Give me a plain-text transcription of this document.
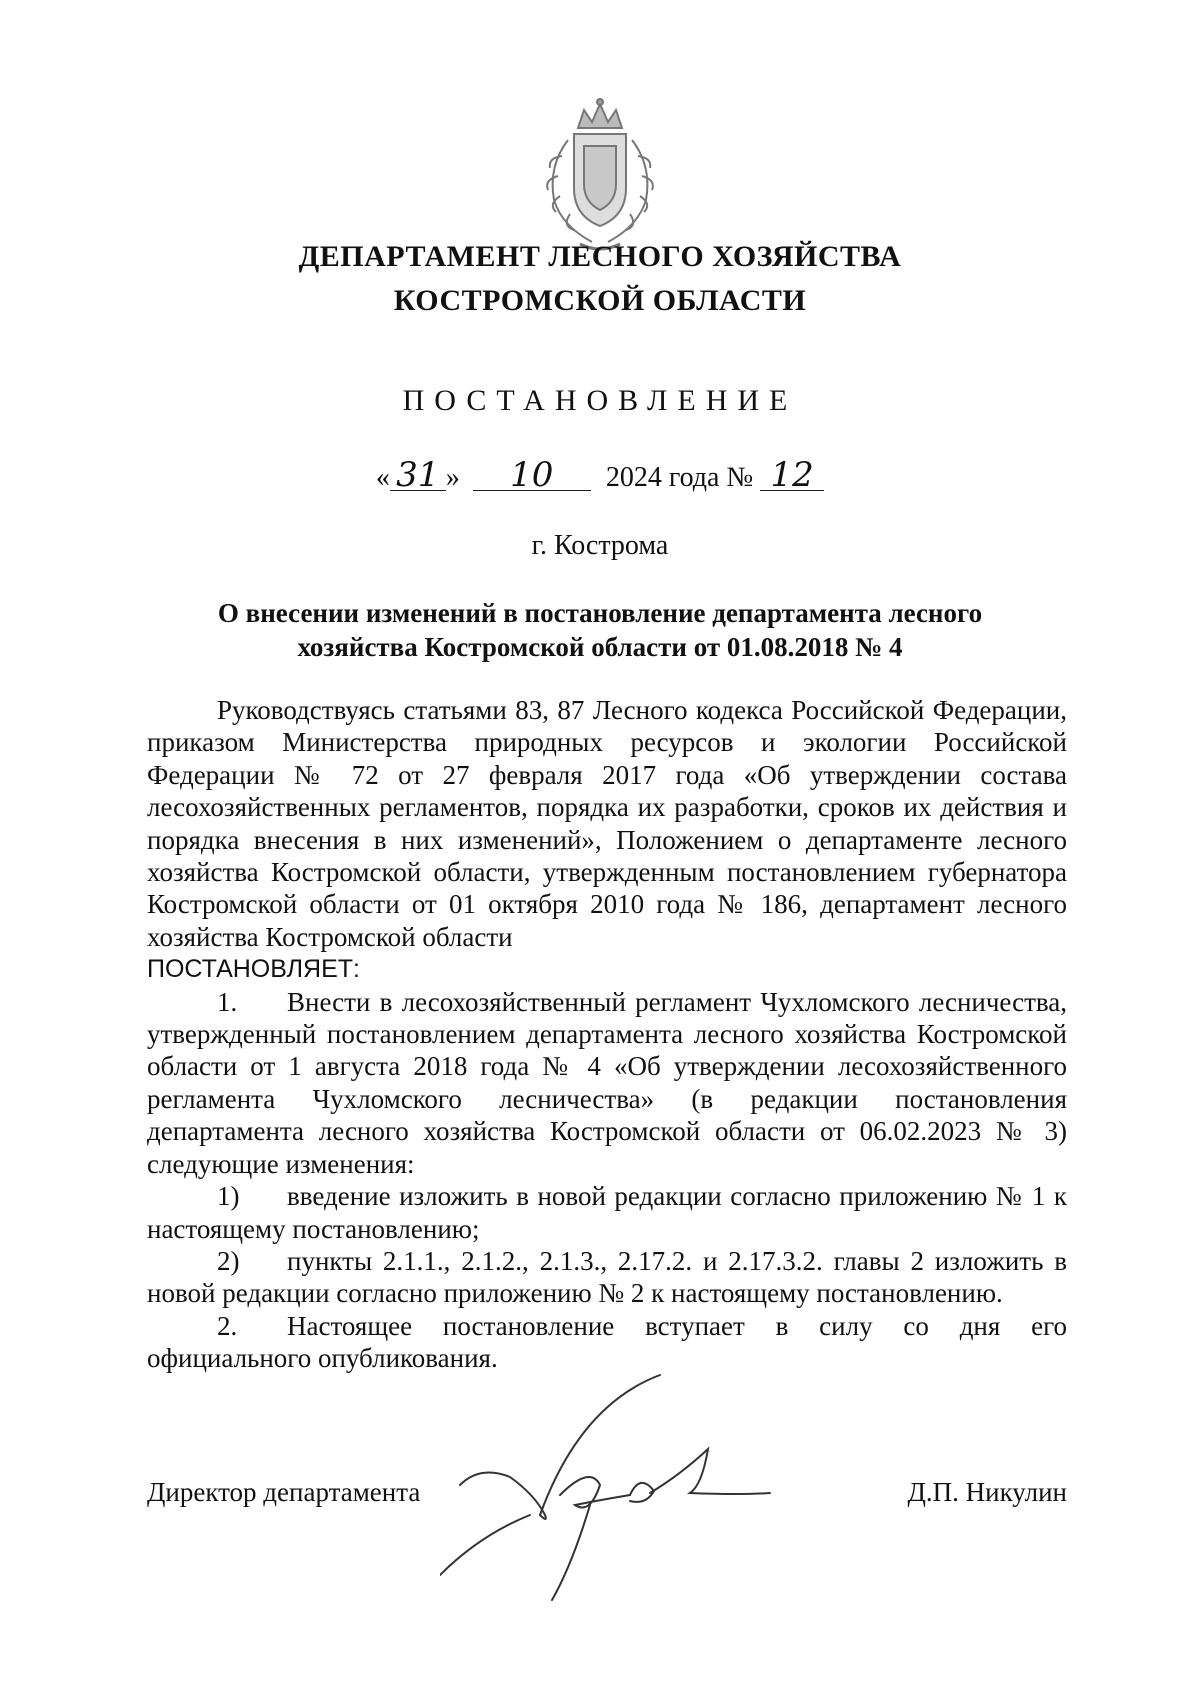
ДЕПАРТАМЕНТ ЛЕСНОГО ХОЗЯЙСТВА
КОСТРОМСКОЙ ОБЛАСТИ
ПОСТАНОВЛЕНИЕ
« 31 » 10 2024 года № 12
г. Кострома
О внесении изменений в постановление департамента лесного
хозяйства Костромской области от 01.08.2018 № 4

Руководствуясь статьями 83, 87 Лесного кодекса Российской Федерации, приказом Министерства природных ресурсов и экологии Российской Федерации № 72 от 27 февраля 2017 года «Об утверждении состава лесохозяйственных регламентов, порядка их разработки, сроков их действия и порядка внесения в них изменений», Положением о департаменте лесного хозяйства Костромской области, утвержденным постановлением губернатора Костромской области от 01 октября 2010 года № 186, департамент лесного хозяйства Костромской области

ПОСТАНОВЛЯЕТ:

1. Внести в лесохозяйственный регламент Чухломского лесничества, утвержденный постановлением департамента лесного хозяйства Костромской области от 1 августа 2018 года № 4 «Об утверждении лесохозяйственного регламента Чухломского лесничества» (в редакции постановления департамента лесного хозяйства Костромской области от 06.02.2023 № 3) следующие изменения:

1) введение изложить в новой редакции согласно приложению № 1 к настоящему постановлению;

2) пункты 2.1.1., 2.1.2., 2.1.3., 2.17.2. и 2.17.3.2. главы 2 изложить в новой редакции согласно приложению № 2 к настоящему постановлению.

2. Настоящее постановление вступает в силу со дня его официального опубликования.

Директор департамента	Д.П. Никулин
